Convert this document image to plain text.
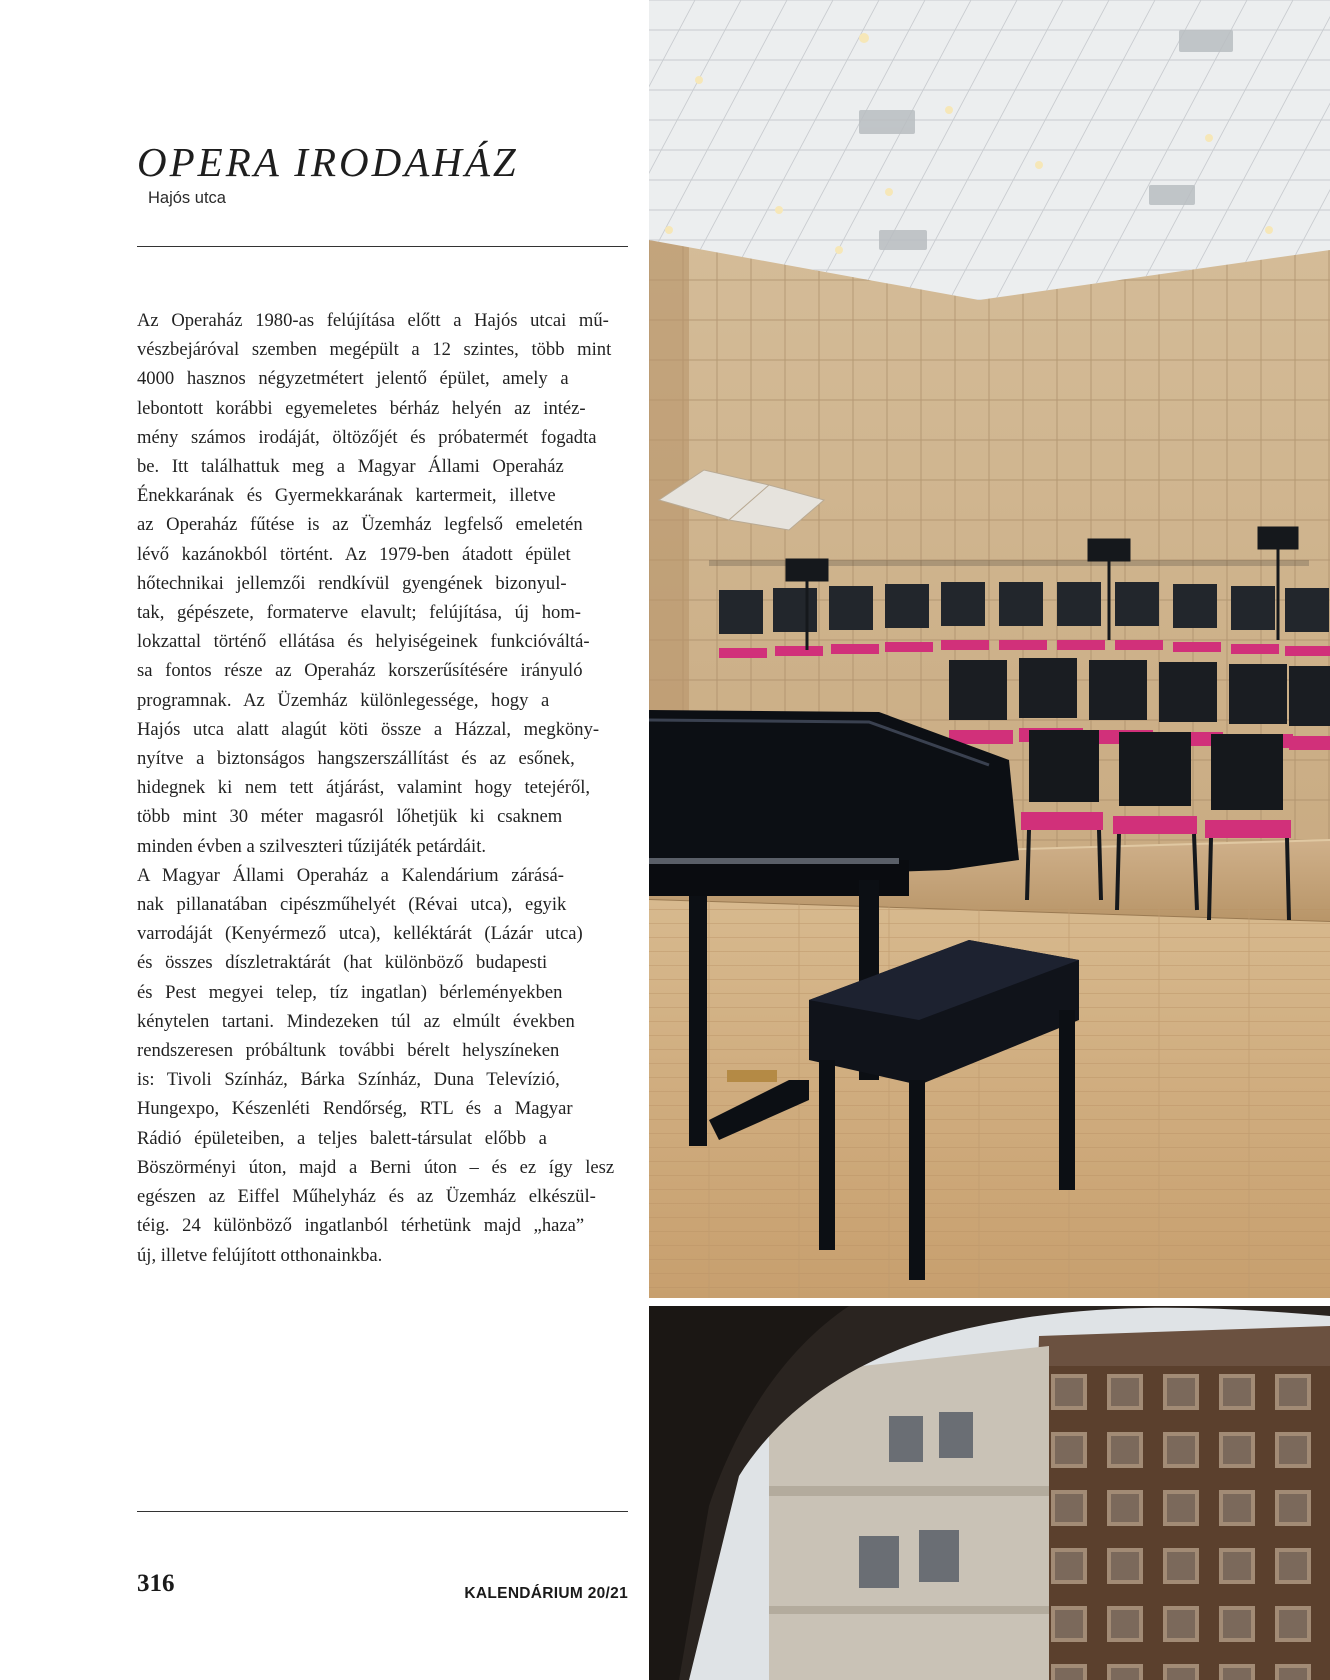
OPERA IRODAHÁZ
Hajós utca
Az Operaház 1980-as felújítása előtt a Hajós utcai mű-
vészbejáróval szemben megépült a 12 szintes, több mint
4000 hasznos négyzetmétert jelentő épület, amely a
lebontott korábbi egyemeletes bérház helyén az intéz-
mény számos irodáját, öltözőjét és próbatermét fogadta
be. Itt találhattuk meg a Magyar Állami Operaház
Énekkarának és Gyermekkarának kartermeit, illetve
az Operaház fűtése is az Üzemház legfelső emeletén
lévő kazánokból történt. Az 1979-ben átadott épület
hőtechnikai jellemzői rendkívül gyengének bizonyul-
tak, gépészete, formaterve elavult; felújítása, új hom-
lokzattal történő ellátása és helyiségeinek funkcióváltá-
sa fontos része az Operaház korszerűsítésére irányuló
programnak. Az Üzemház különlegessége, hogy a
Hajós utca alatt alagút köti össze a Házzal, megköny-
nyítve a biztonságos hangszerszállítást és az esőnek,
hidegnek ki nem tett átjárást, valamint hogy tetejéről,
több mint 30 méter magasról lőhetjük ki csaknem
minden évben a szilveszteri tűzijáték petárdáit.
A Magyar Állami Operaház a Kalendárium zárásá-
nak pillanatában cipészműhelyét (Révai utca), egyik
varrodáját (Kenyérmező utca), kelléktárát (Lázár utca)
és összes díszletraktárát (hat különböző budapesti
és Pest megyei telep, tíz ingatlan) bérleményekben
kénytelen tartani. Mindezeken túl az elmúlt években
rendszeresen próbáltunk további bérelt helyszíneken
is: Tivoli Színház, Bárka Színház, Duna Televízió,
Hungexpo, Készenléti Rendőrség, RTL és a Magyar
Rádió épületeiben, a teljes balett-társulat előbb a
Böszörményi úton, majd a Berni úton – és ez így lesz
egészen az Eiffel Műhelyház és az Üzemház elkészül-
téig. 24 különböző ingatlanból térhetünk majd „haza”
új, illetve felújított otthonainkba.
316	KALENDÁRIUM 20/21
